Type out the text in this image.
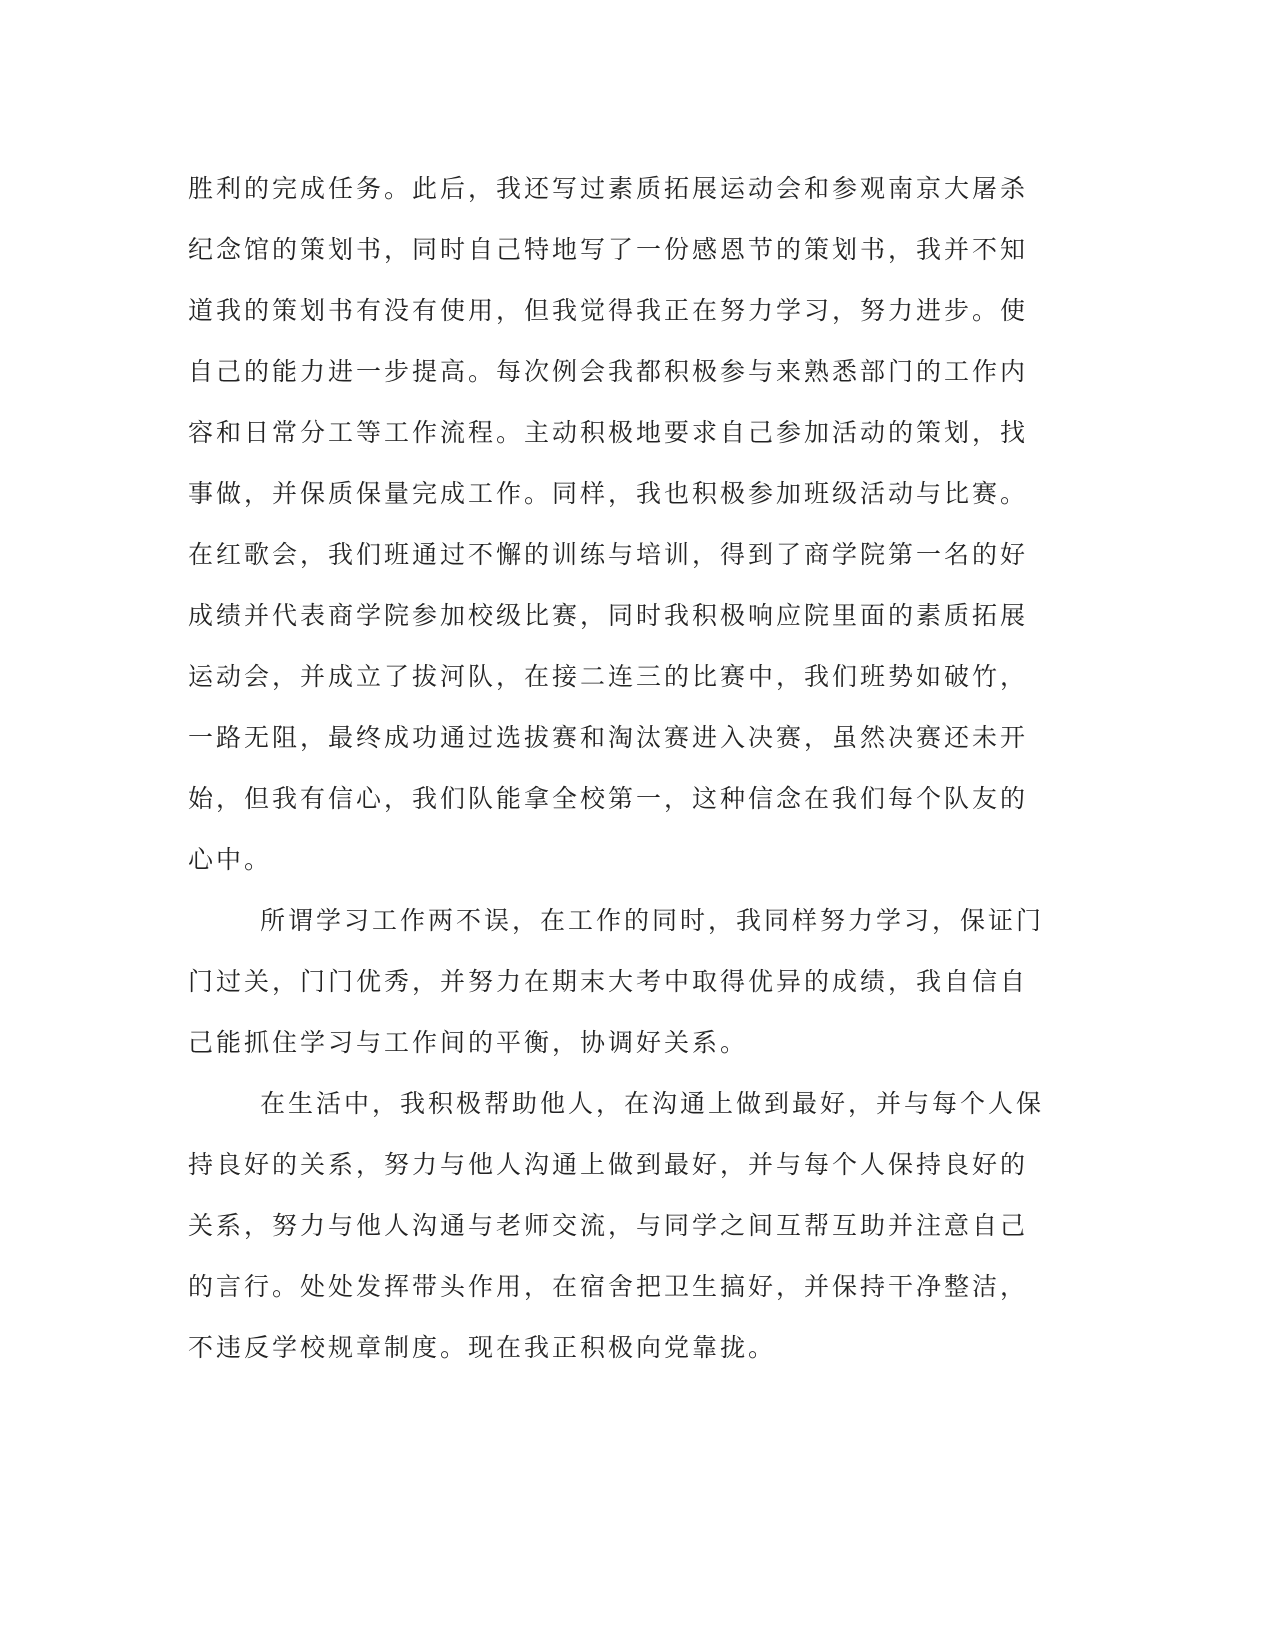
胜利的完成任务。此后，我还写过素质拓展运动会和参观南京大屠杀
纪念馆的策划书，同时自己特地写了一份感恩节的策划书，我并不知
道我的策划书有没有使用，但我觉得我正在努力学习，努力进步。使
自己的能力进一步提高。每次例会我都积极参与来熟悉部门的工作内
容和日常分工等工作流程。主动积极地要求自己参加活动的策划，找
事做，并保质保量完成工作。同样，我也积极参加班级活动与比赛。
在红歌会，我们班通过不懈的训练与培训，得到了商学院第一名的好
成绩并代表商学院参加校级比赛，同时我积极响应院里面的素质拓展
运动会，并成立了拔河队，在接二连三的比赛中，我们班势如破竹，
一路无阻，最终成功通过选拔赛和淘汰赛进入决赛，虽然决赛还未开
始，但我有信心，我们队能拿全校第一，这种信念在我们每个队友的
心中。
所谓学习工作两不误，在工作的同时，我同样努力学习，保证门
门过关，门门优秀，并努力在期末大考中取得优异的成绩，我自信自
己能抓住学习与工作间的平衡，协调好关系。
在生活中，我积极帮助他人，在沟通上做到最好，并与每个人保
持良好的关系，努力与他人沟通上做到最好，并与每个人保持良好的
关系，努力与他人沟通与老师交流，与同学之间互帮互助并注意自己
的言行。处处发挥带头作用，在宿舍把卫生搞好，并保持干净整洁，
不违反学校规章制度。现在我正积极向党靠拢。
